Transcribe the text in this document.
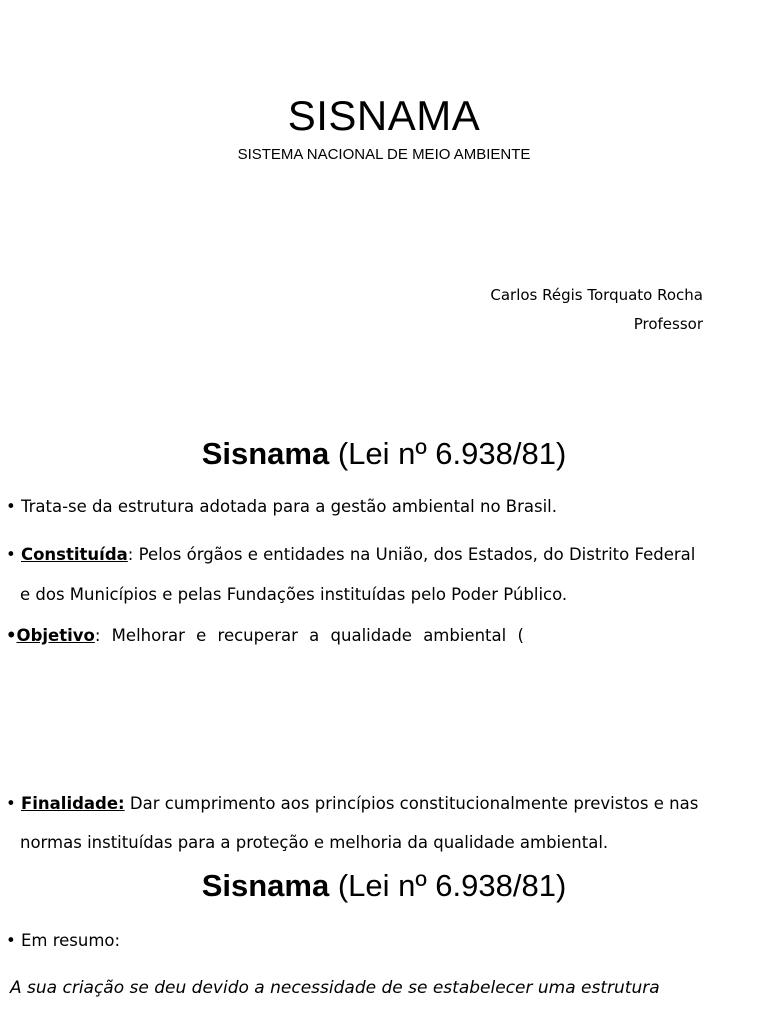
SISNAMA
SISTEMA NACIONAL DE MEIO AMBIENTE
Carlos Régis Torquato Rocha
Professor
Sisnama (Lei nº 6.938/81)
• Trata-se da estrutura adotada para a gestão ambiental no Brasil.
• Constituída: Pelos órgãos e entidades na União, dos Estados, do Distrito Federal
e dos Municípios e pelas Fundações instituídas pelo Poder Público.
•Objetivo: Melhorar e recuperar a qualidade ambiental (
• Finalidade: Dar cumprimento aos princípios constitucionalmente previstos e nas
normas instituídas para a proteção e melhoria da qualidade ambiental.
Sisnama (Lei nº 6.938/81)
• Em resumo:
A sua criação se deu devido a necessidade de se estabelecer uma estrutura
